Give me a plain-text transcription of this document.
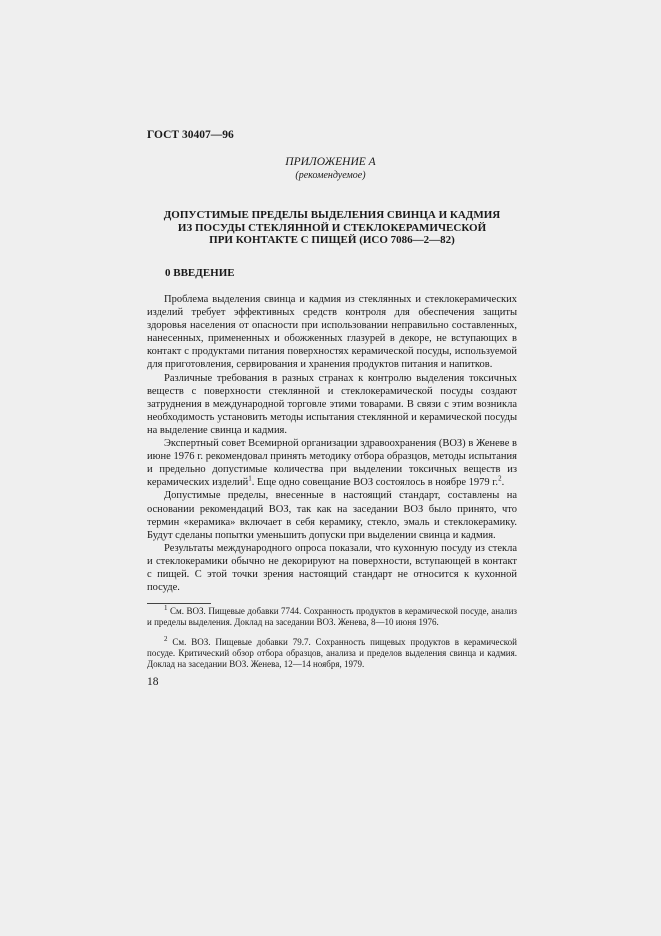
ГОСТ 30407—96
ПРИЛОЖЕНИЕ А
(рекомендуемое)
ДОПУСТИМЫЕ ПРЕДЕЛЫ ВЫДЕЛЕНИЯ СВИНЦА И КАДМИЯ
ИЗ ПОСУДЫ СТЕКЛЯННОЙ И СТЕКЛОКЕРАМИЧЕСКОЙ
ПРИ КОНТАКТЕ С ПИЩЕЙ (ИСО 7086—2—82)
0 ВВЕДЕНИЕ

Проблема выделения свинца и кадмия из стеклянных и стеклокерамических изделий требует эффективных средств контроля для обеспечения защиты здоровья населения от опасности при использовании неправильно составленных, нанесенных, примененных и обожженных глазурей в декоре, не вступающих в контакт с продуктами питания поверхностях керамической посуды, используемой для приготовления, сервирования и хранения продуктов питания и напитков.

Различные требования в разных странах к контролю выделения токсичных веществ с поверхности стеклянной и стеклокерамической посуды создают затруднения в международной торговле этими товарами. В связи с этим возникла необходимость установить методы испытания стеклянной и керамической посуды на выделение свинца и кадмия.

Экспертный совет Всемирной организации здравоохранения (ВОЗ) в Женеве в июне 1976 г. рекомендовал принять методику отбора образцов, методы испытания и предельно допустимые количества при выделении токсичных веществ из керамических изделий$^1$. Еще одно совещание ВОЗ состоялось в ноябре 1979 г.$^2$.

Допустимые пределы, внесенные в настоящий стандарт, составлены на основании рекомендаций ВОЗ, так как на заседании ВОЗ было принято, что термин «керамика» включает в себя керамику, стекло, эмаль и стеклокерамику. Будут сделаны попытки уменьшить допуски при выделении свинца и кадмия.

Результаты международного опроса показали, что кухонную посуду из стекла и стеклокерамики обычно не декорируют на поверхности, вступающей в контакт с пищей. С этой точки зрения настоящий стандарт не относится к кухонной посуде.

$^1$ См. ВОЗ. Пищевые добавки 7744. Сохранность продуктов в керамической посуде, анализ и пределы выделения. Доклад на заседании ВОЗ. Женева, 8—10 июня 1976.

$^2$ См. ВОЗ. Пищевые добавки 79.7. Сохранность пищевых продуктов в керамической посуде. Критический обзор отбора образцов, анализа и пределов выделения свинца и кадмия. Доклад на заседании ВОЗ. Женева, 12—14 ноября, 1979.

18
